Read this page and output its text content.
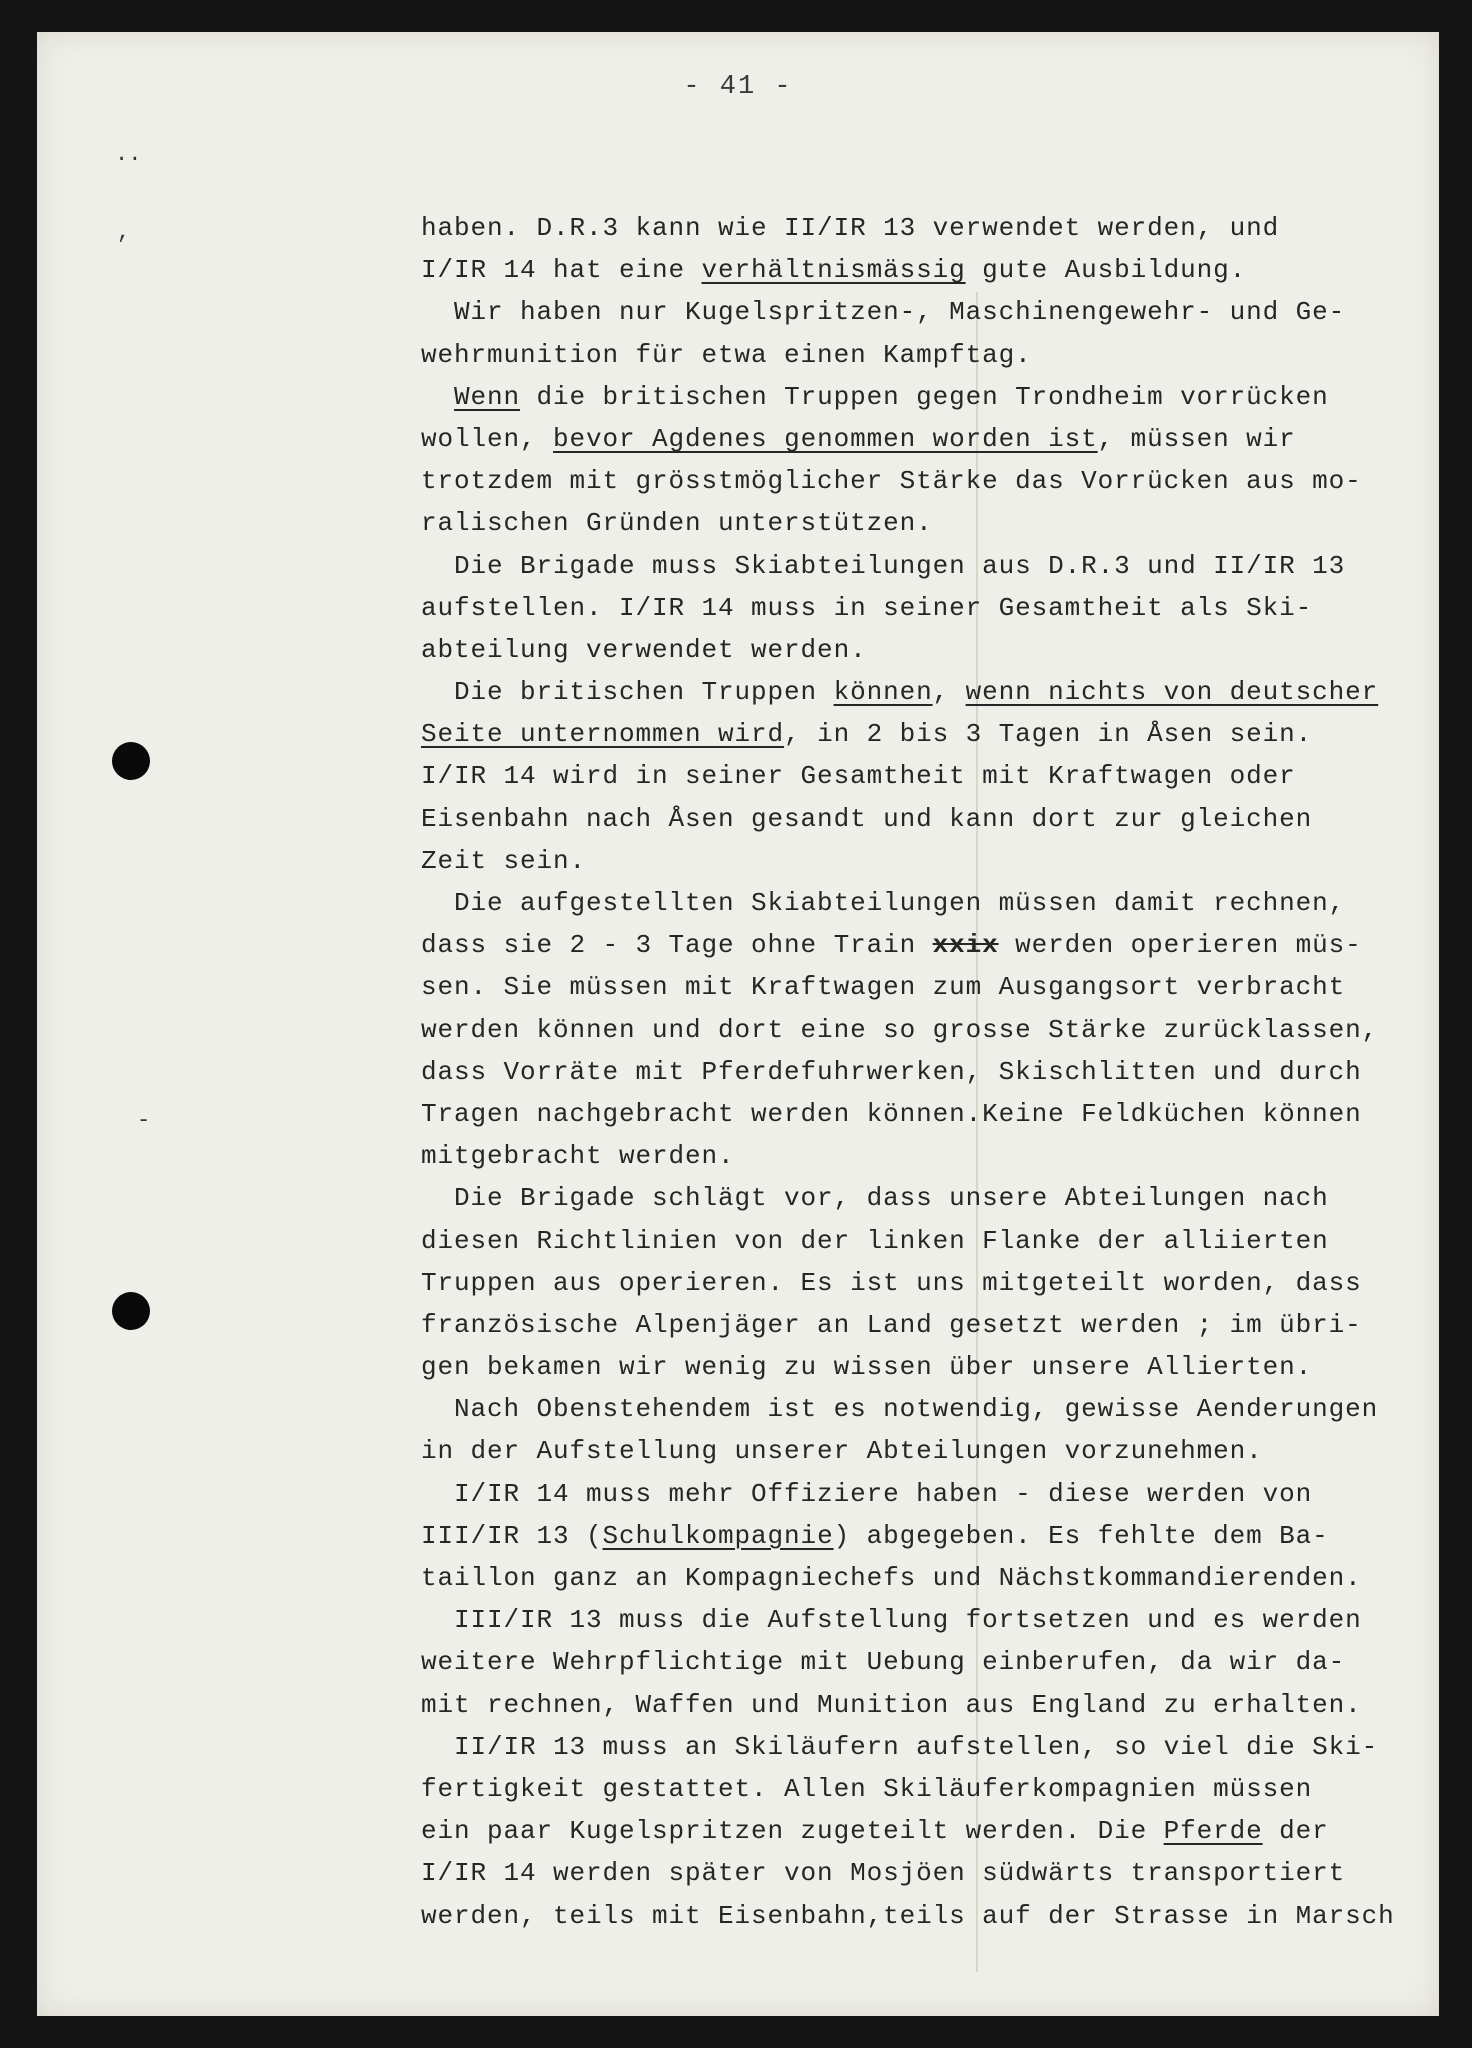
- 41 -
..
,
-
haben. D.R.3 kann wie II/IR 13 verwendet werden, und
I/IR 14 hat eine verhältnismässig gute Ausbildung.
Wir haben nur Kugelspritzen-, Maschinengewehr- und Ge-
wehrmunition für etwa einen Kampftag.
Wenn die britischen Truppen gegen Trondheim vorrücken
wollen, bevor Agdenes genommen worden ist, müssen wir
trotzdem mit grösstmöglicher Stärke das Vorrücken aus mo-
ralischen Gründen unterstützen.
Die Brigade muss Skiabteilungen aus D.R.3 und II/IR 13
aufstellen. I/IR 14 muss in seiner Gesamtheit als Ski-
abteilung verwendet werden.
Die britischen Truppen können, wenn nichts von deutscher
Seite unternommen wird, in 2 bis 3 Tagen in Åsen sein.
I/IR 14 wird in seiner Gesamtheit mit Kraftwagen oder
Eisenbahn nach Åsen gesandt und kann dort zur gleichen
Zeit sein.
Die aufgestellten Skiabteilungen müssen damit rechnen,
dass sie 2 - 3 Tage ohne Train xxix werden operieren müs-
sen. Sie müssen mit Kraftwagen zum Ausgangsort verbracht
werden können und dort eine so grosse Stärke zurücklassen,
dass Vorräte mit Pferdefuhrwerken, Skischlitten und durch
Tragen nachgebracht werden können.Keine Feldküchen können
mitgebracht werden.
Die Brigade schlägt vor, dass unsere Abteilungen nach
diesen Richtlinien von der linken Flanke der alliierten
Truppen aus operieren. Es ist uns mitgeteilt worden, dass
französische Alpenjäger an Land gesetzt werden ; im übri-
gen bekamen wir wenig zu wissen über unsere Allierten.
Nach Obenstehendem ist es notwendig, gewisse Aenderungen
in der Aufstellung unserer Abteilungen vorzunehmen.
I/IR 14 muss mehr Offiziere haben - diese werden von
III/IR 13 (Schulkompagnie) abgegeben. Es fehlte dem Ba-
taillon ganz an Kompagniechefs und Nächstkommandierenden.
III/IR 13 muss die Aufstellung fortsetzen und es werden
weitere Wehrpflichtige mit Uebung einberufen, da wir da-
mit rechnen, Waffen und Munition aus England zu erhalten.
II/IR 13 muss an Skiläufern aufstellen, so viel die Ski-
fertigkeit gestattet. Allen Skiläuferkompagnien müssen
ein paar Kugelspritzen zugeteilt werden. Die Pferde der
I/IR 14 werden später von Mosjöen südwärts transportiert
werden, teils mit Eisenbahn,teils auf der Strasse in Marsch
